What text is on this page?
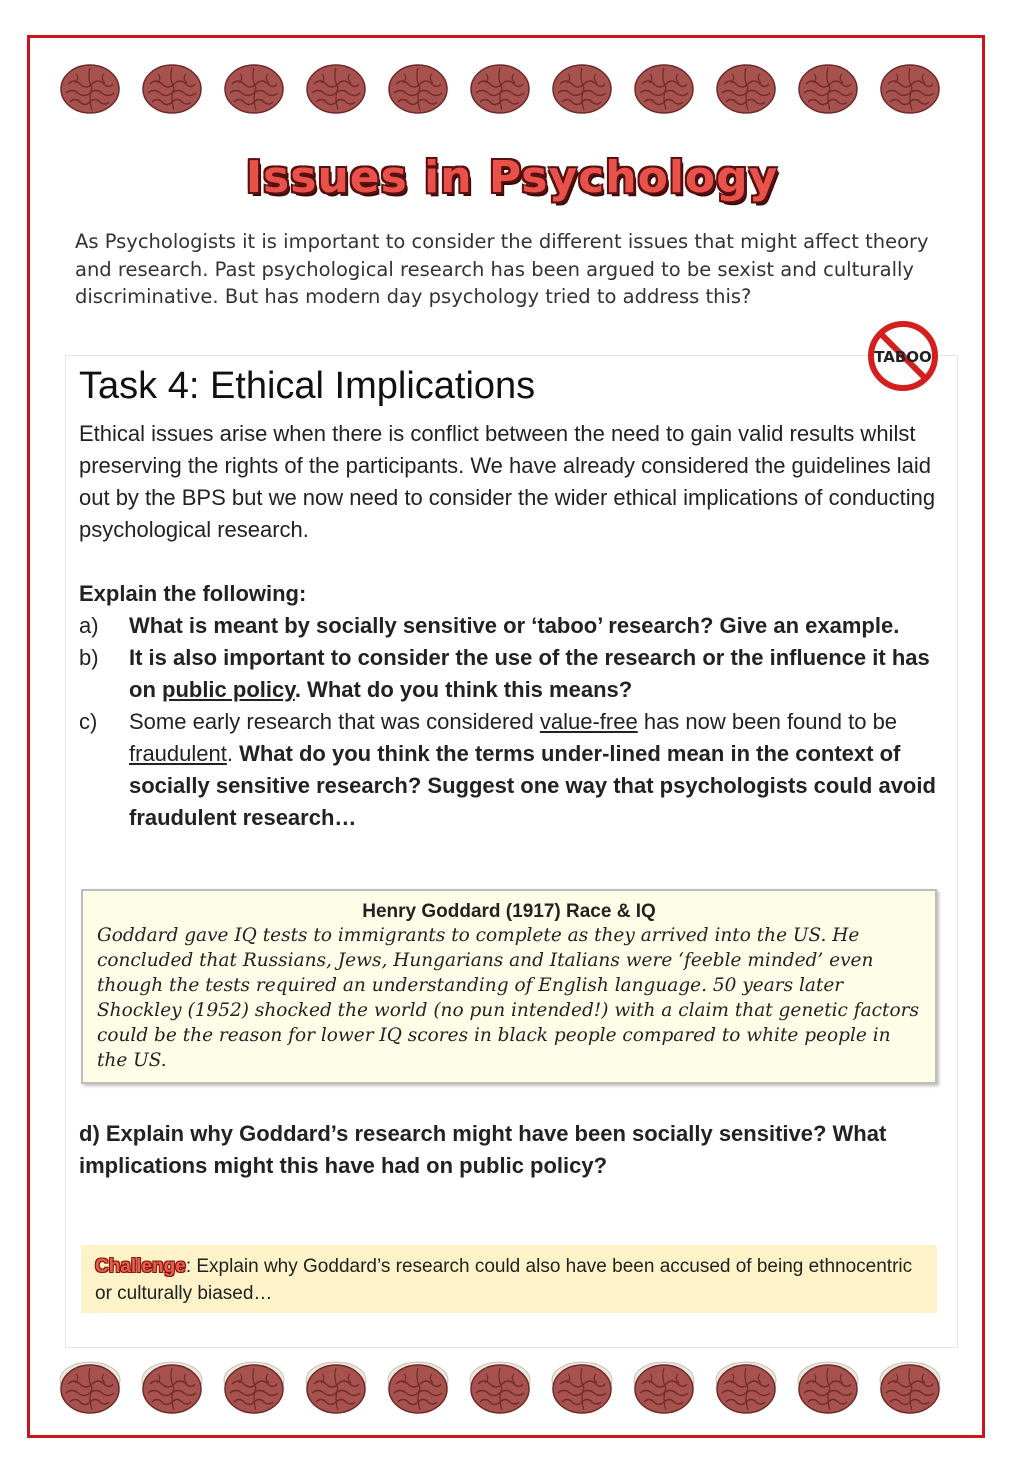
Issues in Psychology
As Psychologists it is important to consider the different issues that might affect theory and research. Past psychological research has been argued to be sexist and culturally discriminative. But has modern day psychology tried to address this?
TABOO
Task 4: Ethical Implications
Ethical issues arise when there is conflict between the need to gain valid results whilst preserving the rights of the participants. We have already considered the guidelines laid out by the BPS but we now need to consider the wider ethical implications of conducting psychological research.
Explain the following:
a)	What is meant by socially sensitive or ‘taboo’ research? Give an example.
b)	It is also important to consider the use of the research or the influence it has on public policy. What do you think this means?
c)	Some early research that was considered value-free has now been found to be fraudulent. What do you think the terms under-lined mean in the context of socially sensitive research? Suggest one way that psychologists could avoid fraudulent research…
Henry Goddard (1917) Race & IQ
Goddard gave IQ tests to immigrants to complete as they arrived into the US. He concluded that Russians, Jews, Hungarians and Italians were ‘feeble minded’ even though the tests required an understanding of English language. 50 years later Shockley (1952) shocked the world (no pun intended!) with a claim that genetic factors could be the reason for lower IQ scores in black people compared to white people in the US.
d) Explain why Goddard’s research might have been socially sensitive? What implications might this have had on public policy?
Challenge: Explain why Goddard’s research could also have been accused of being ethnocentric or culturally biased…
